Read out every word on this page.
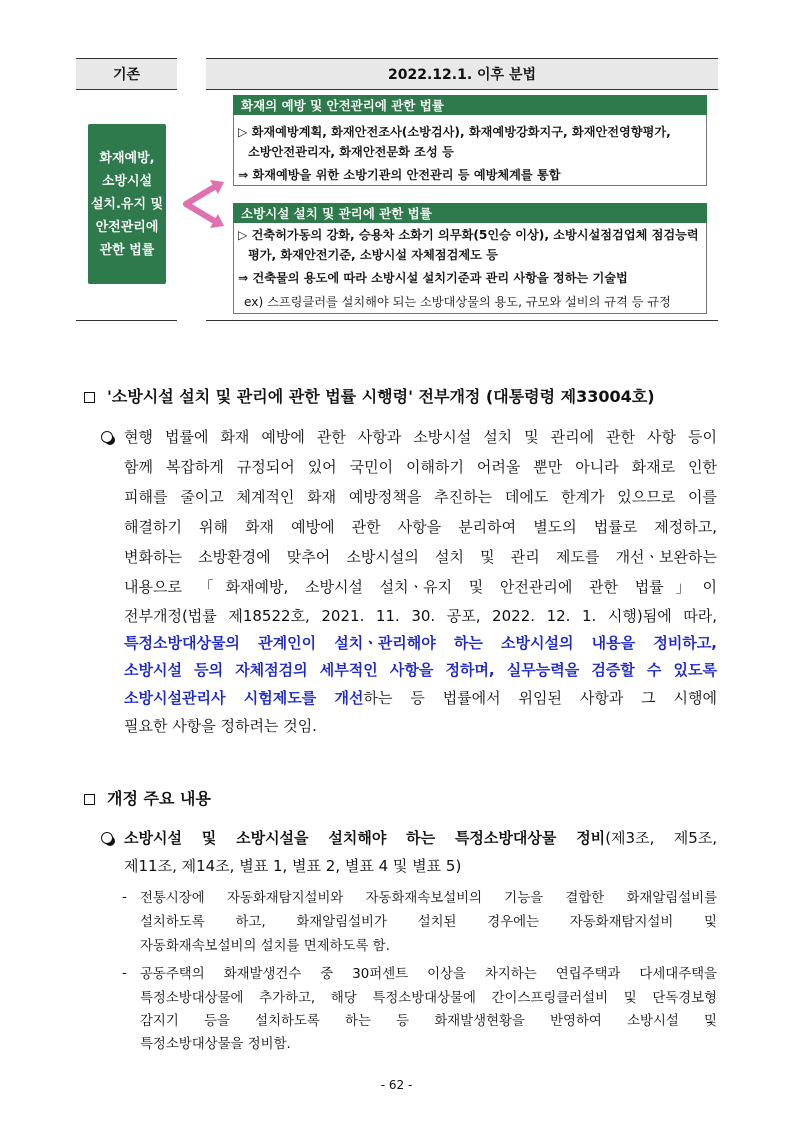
기존	2022.12.1. 이후 분법
화재예방,
소방시설
설치.유지 및
안전관리에
관한 법률
화재의 예방 및 안전관리에 관한 법률
▷ 화재예방계획, 화재안전조사(소방검사), 화재예방강화지구, 화재안전영향평가,
소방안전관리자, 화재안전문화 조성 등
⇒ 화재예방을 위한 소방기관의 안전관리 등 예방체계를 통합
소방시설 설치 및 관리에 관한 법률
▷ 건축허가동의 강화, 승용차 소화기 의무화(5인승 이상), 소방시설점검업체 점검능력
평가, 화재안전기준, 소방시설 자체점검제도 등
⇒ 건축물의 용도에 따라 소방시설 설치기준과 관리 사항을 정하는 기술법
ex) 스프링클러를 설치해야 되는 소방대상물의 용도, 규모와 설비의 규격 등 규정
'소방시설 설치 및 관리에 관한 법률 시행령' 전부개정 (대통령령 제33004호)
현행 법률에 화재 예방에 관한 사항과 소방시설 설치 및 관리에 관한 사항 등이
함께 복잡하게 규정되어 있어 국민이 이해하기 어려울 뿐만 아니라 화재로 인한
피해를 줄이고 체계적인 화재 예방정책을 추진하는 데에도 한계가 있으므로 이를
해결하기 위해 화재 예방에 관한 사항을 분리하여 별도의 법률로 제정하고,
변화하는 소방환경에 맞추어 소방시설의 설치 및 관리 제도를 개선ㆍ보완하는
내용으로 「화재예방, 소방시설 설치ㆍ유지 및 안전관리에 관한 법률」이
전부개정(법률 제18522호, 2021. 11. 30. 공포, 2022. 12. 1. 시행)됨에 따라,
특정소방대상물의 관계인이 설치ㆍ관리해야 하는 소방시설의 내용을 정비하고,
소방시설 등의 자체점검의 세부적인 사항을 정하며, 실무능력을 검증할 수 있도록
소방시설관리사 시험제도를 개선하는 등 법률에서 위임된 사항과 그 시행에
필요한 사항을 정하려는 것임.
개정 주요 내용
소방시설 및 소방시설을 설치해야 하는 특정소방대상물 정비(제3조, 제5조,
제11조, 제14조, 별표 1, 별표 2, 별표 4 및 별표 5)
- 전통시장에 자동화재탐지설비와 자동화재속보설비의 기능을 결합한 화재알림설비를
설치하도록 하고, 화재알림설비가 설치된 경우에는 자동화재탐지설비 및
자동화재속보설비의 설치를 면제하도록 함.
- 공동주택의 화재발생건수 중 30퍼센트 이상을 차지하는 연립주택과 다세대주택을
특정소방대상물에 추가하고, 해당 특정소방대상물에 간이스프링클러설비 및 단독경보형
감지기 등을 설치하도록 하는 등 화재발생현황을 반영하여 소방시설 및
특정소방대상물을 정비함.
- 62 -
